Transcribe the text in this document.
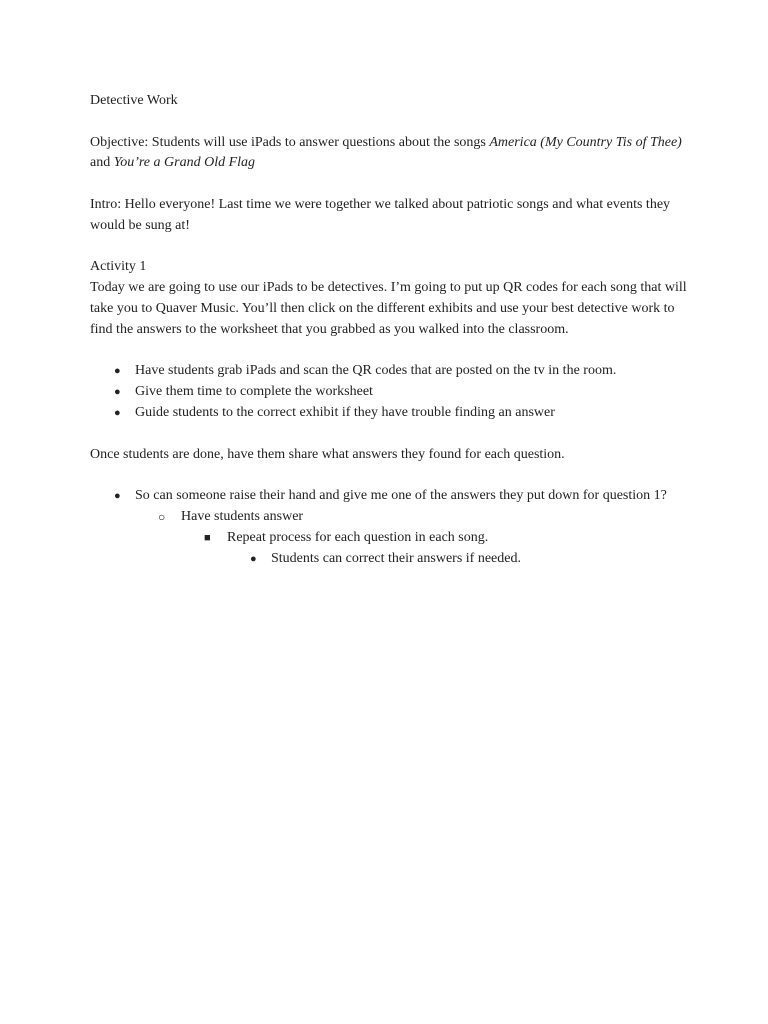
Detective Work

Objective: Students will use iPads to answer questions about the songs America (My Country Tis of Thee) and You’re a Grand Old Flag

Intro: Hello everyone! Last time we were together we talked about patriotic songs and what events they would be sung at!

Activity 1

Today we are going to use our iPads to be detectives. I’m going to put up QR codes for each song that will take you to Quaver Music. You’ll then click on the different exhibits and use your best detective work to find the answers to the worksheet that you grabbed as you walked into the classroom.

● Have students grab iPads and scan the QR codes that are posted on the tv in the room.
● Give them time to complete the worksheet
● Guide students to the correct exhibit if they have trouble finding an answer

Once students are done, have them share what answers they found for each question.

● So can someone raise their hand and give me one of the answers they put down for question 1?
○ Have students answer
■ Repeat process for each question in each song.
● Students can correct their answers if needed.
